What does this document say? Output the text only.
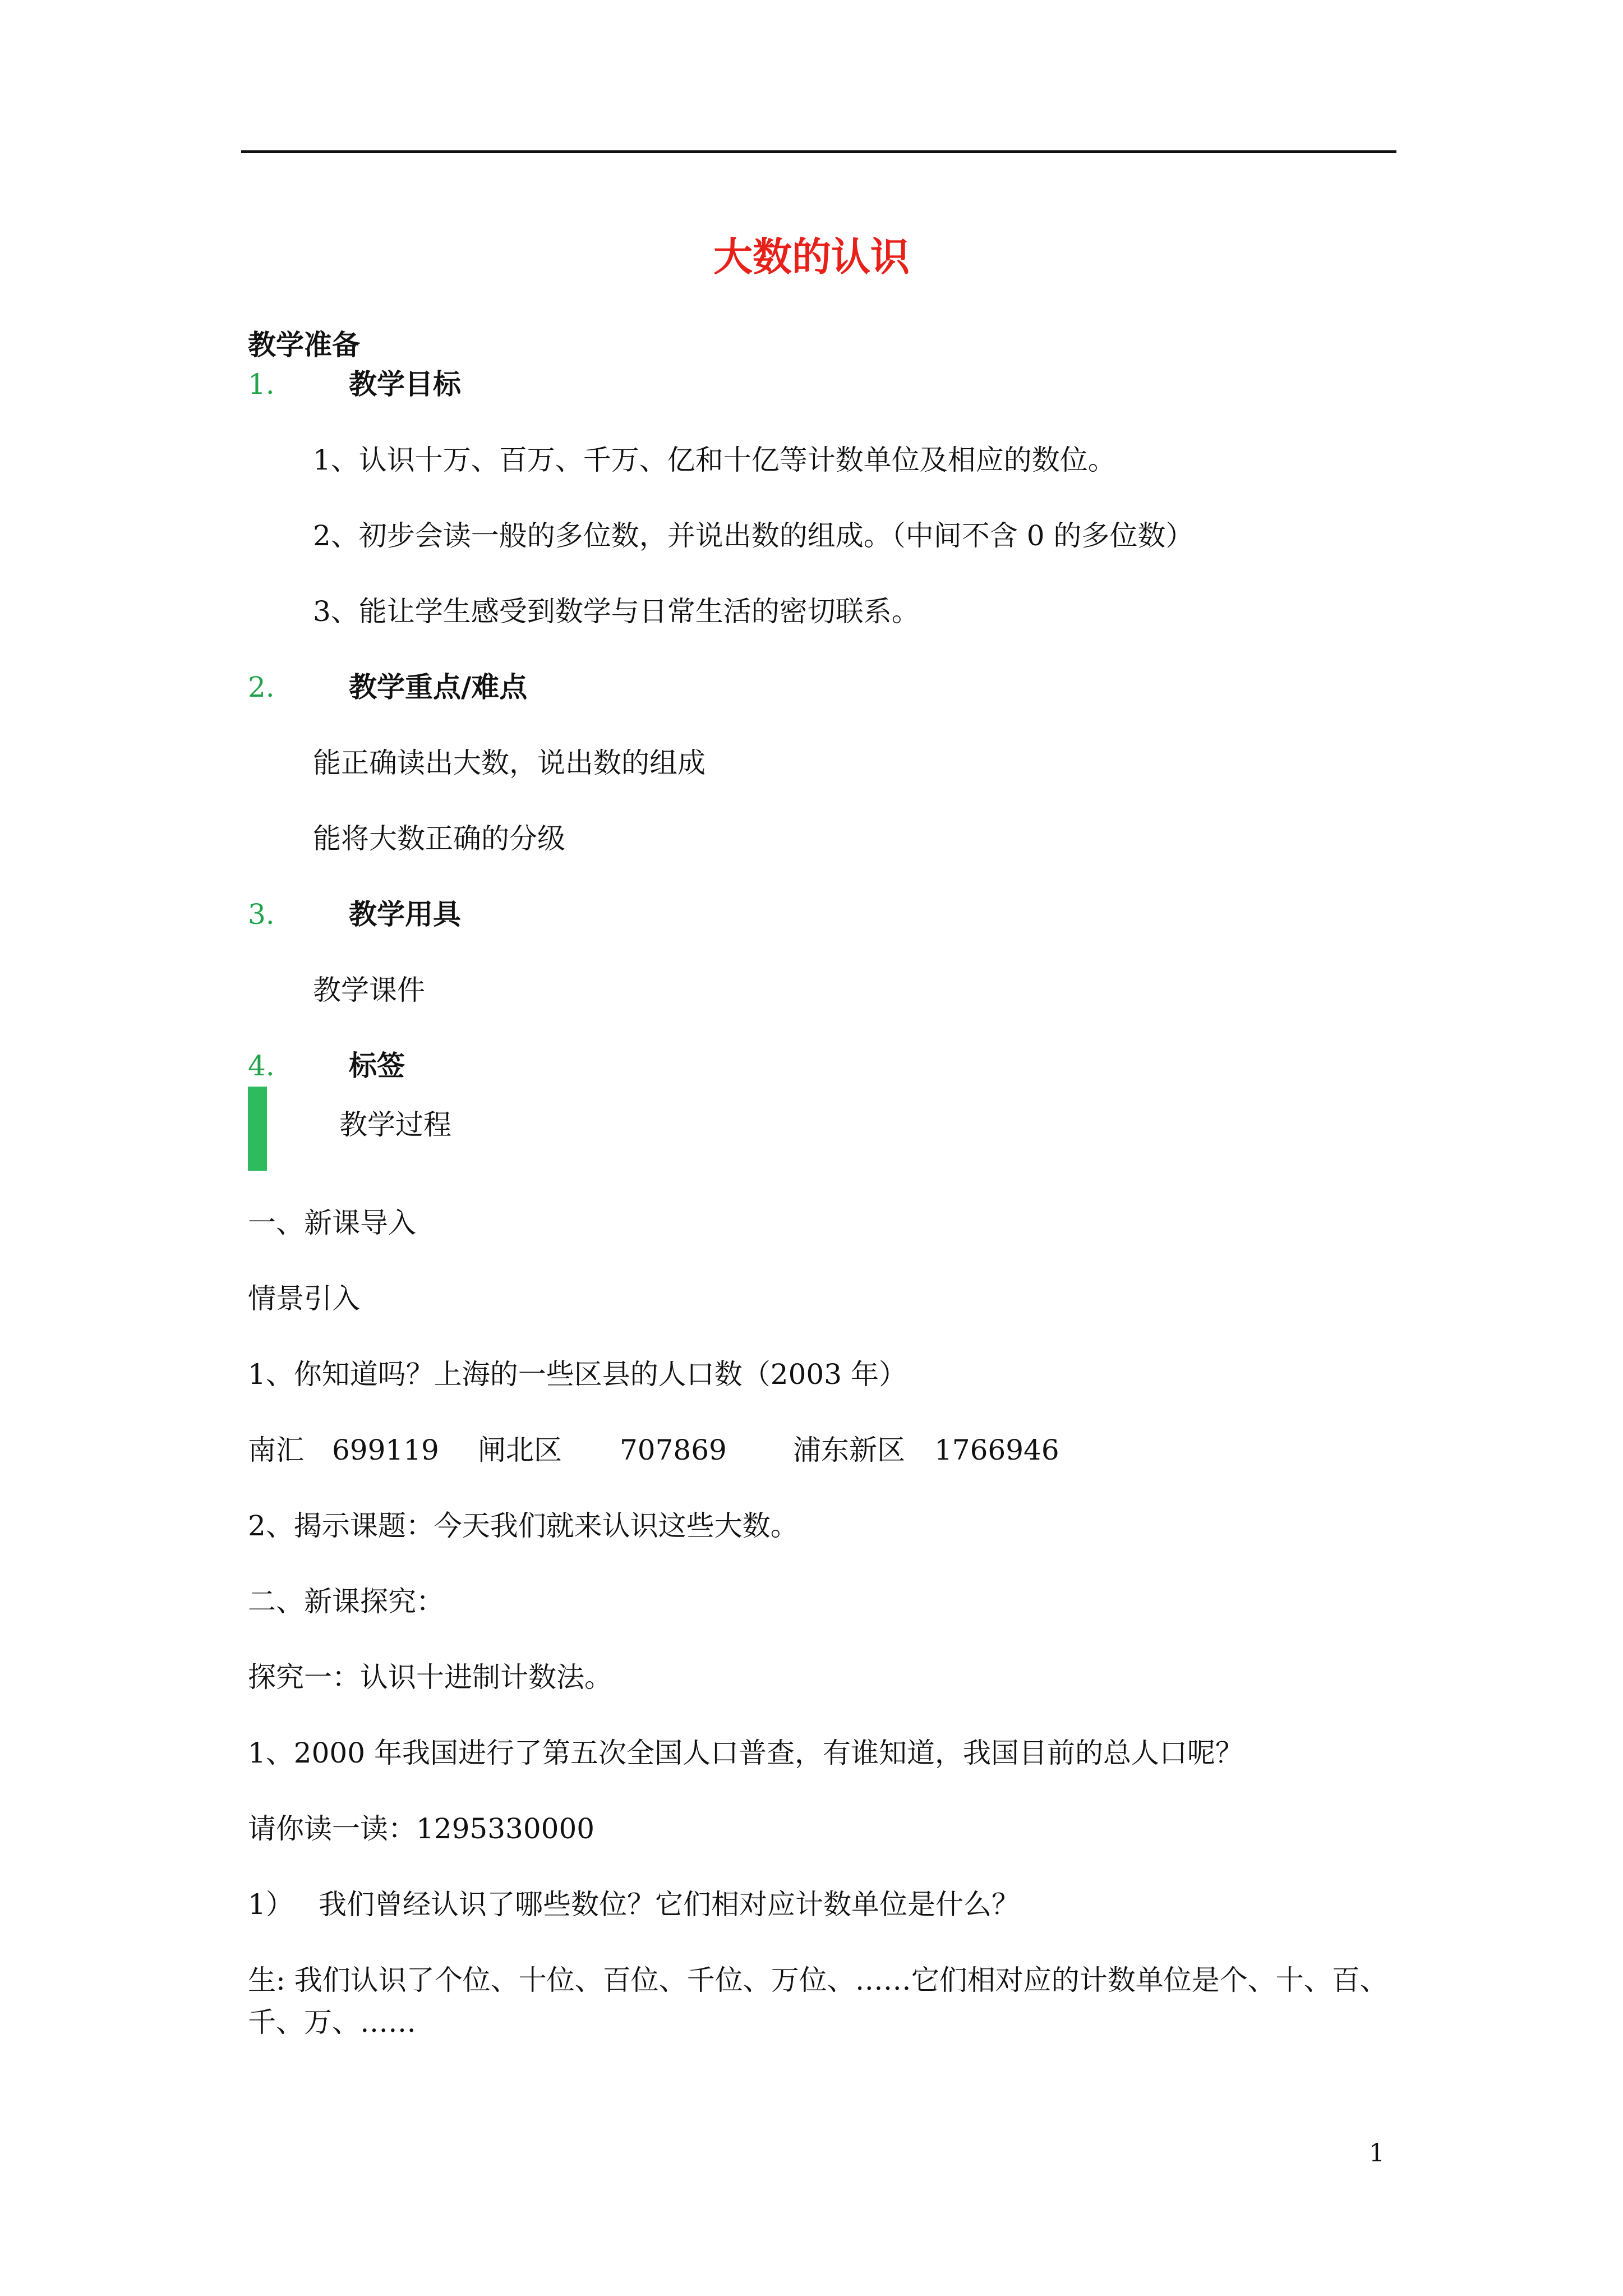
大数的认识
教学准备
1.	教学目标
1、认识十万、百万、千万、亿和十亿等计数单位及相应的数位。
2、初步会读一般的多位数，并说出数的组成。（中间不含 0 的多位数）
3、能让学生感受到数学与日常生活的密切联系。
2.	教学重点/难点
能正确读出大数，说出数的组成
能将大数正确的分级
3.	教学用具
教学课件
4.	标签
教学过程
一、新课导入
情景引入
1、你知道吗？上海的一些区县的人口数（2003 年）
南汇 699119 闸北区 707869 浦东新区 1766946
2、揭示课题：今天我们就来认识这些大数。
二、新课探究：
探究一：认识十进制计数法。
1、2000 年我国进行了第五次全国人口普查，有谁知道，我国目前的总人口呢？
请你读一读：1295330000
1） 我们曾经认识了哪些数位？它们相对应计数单位是什么？
生: 我们认识了个位、十位、百位、千位、万位、……它们相对应的计数单位是个、十、百、
千、万、……
1
